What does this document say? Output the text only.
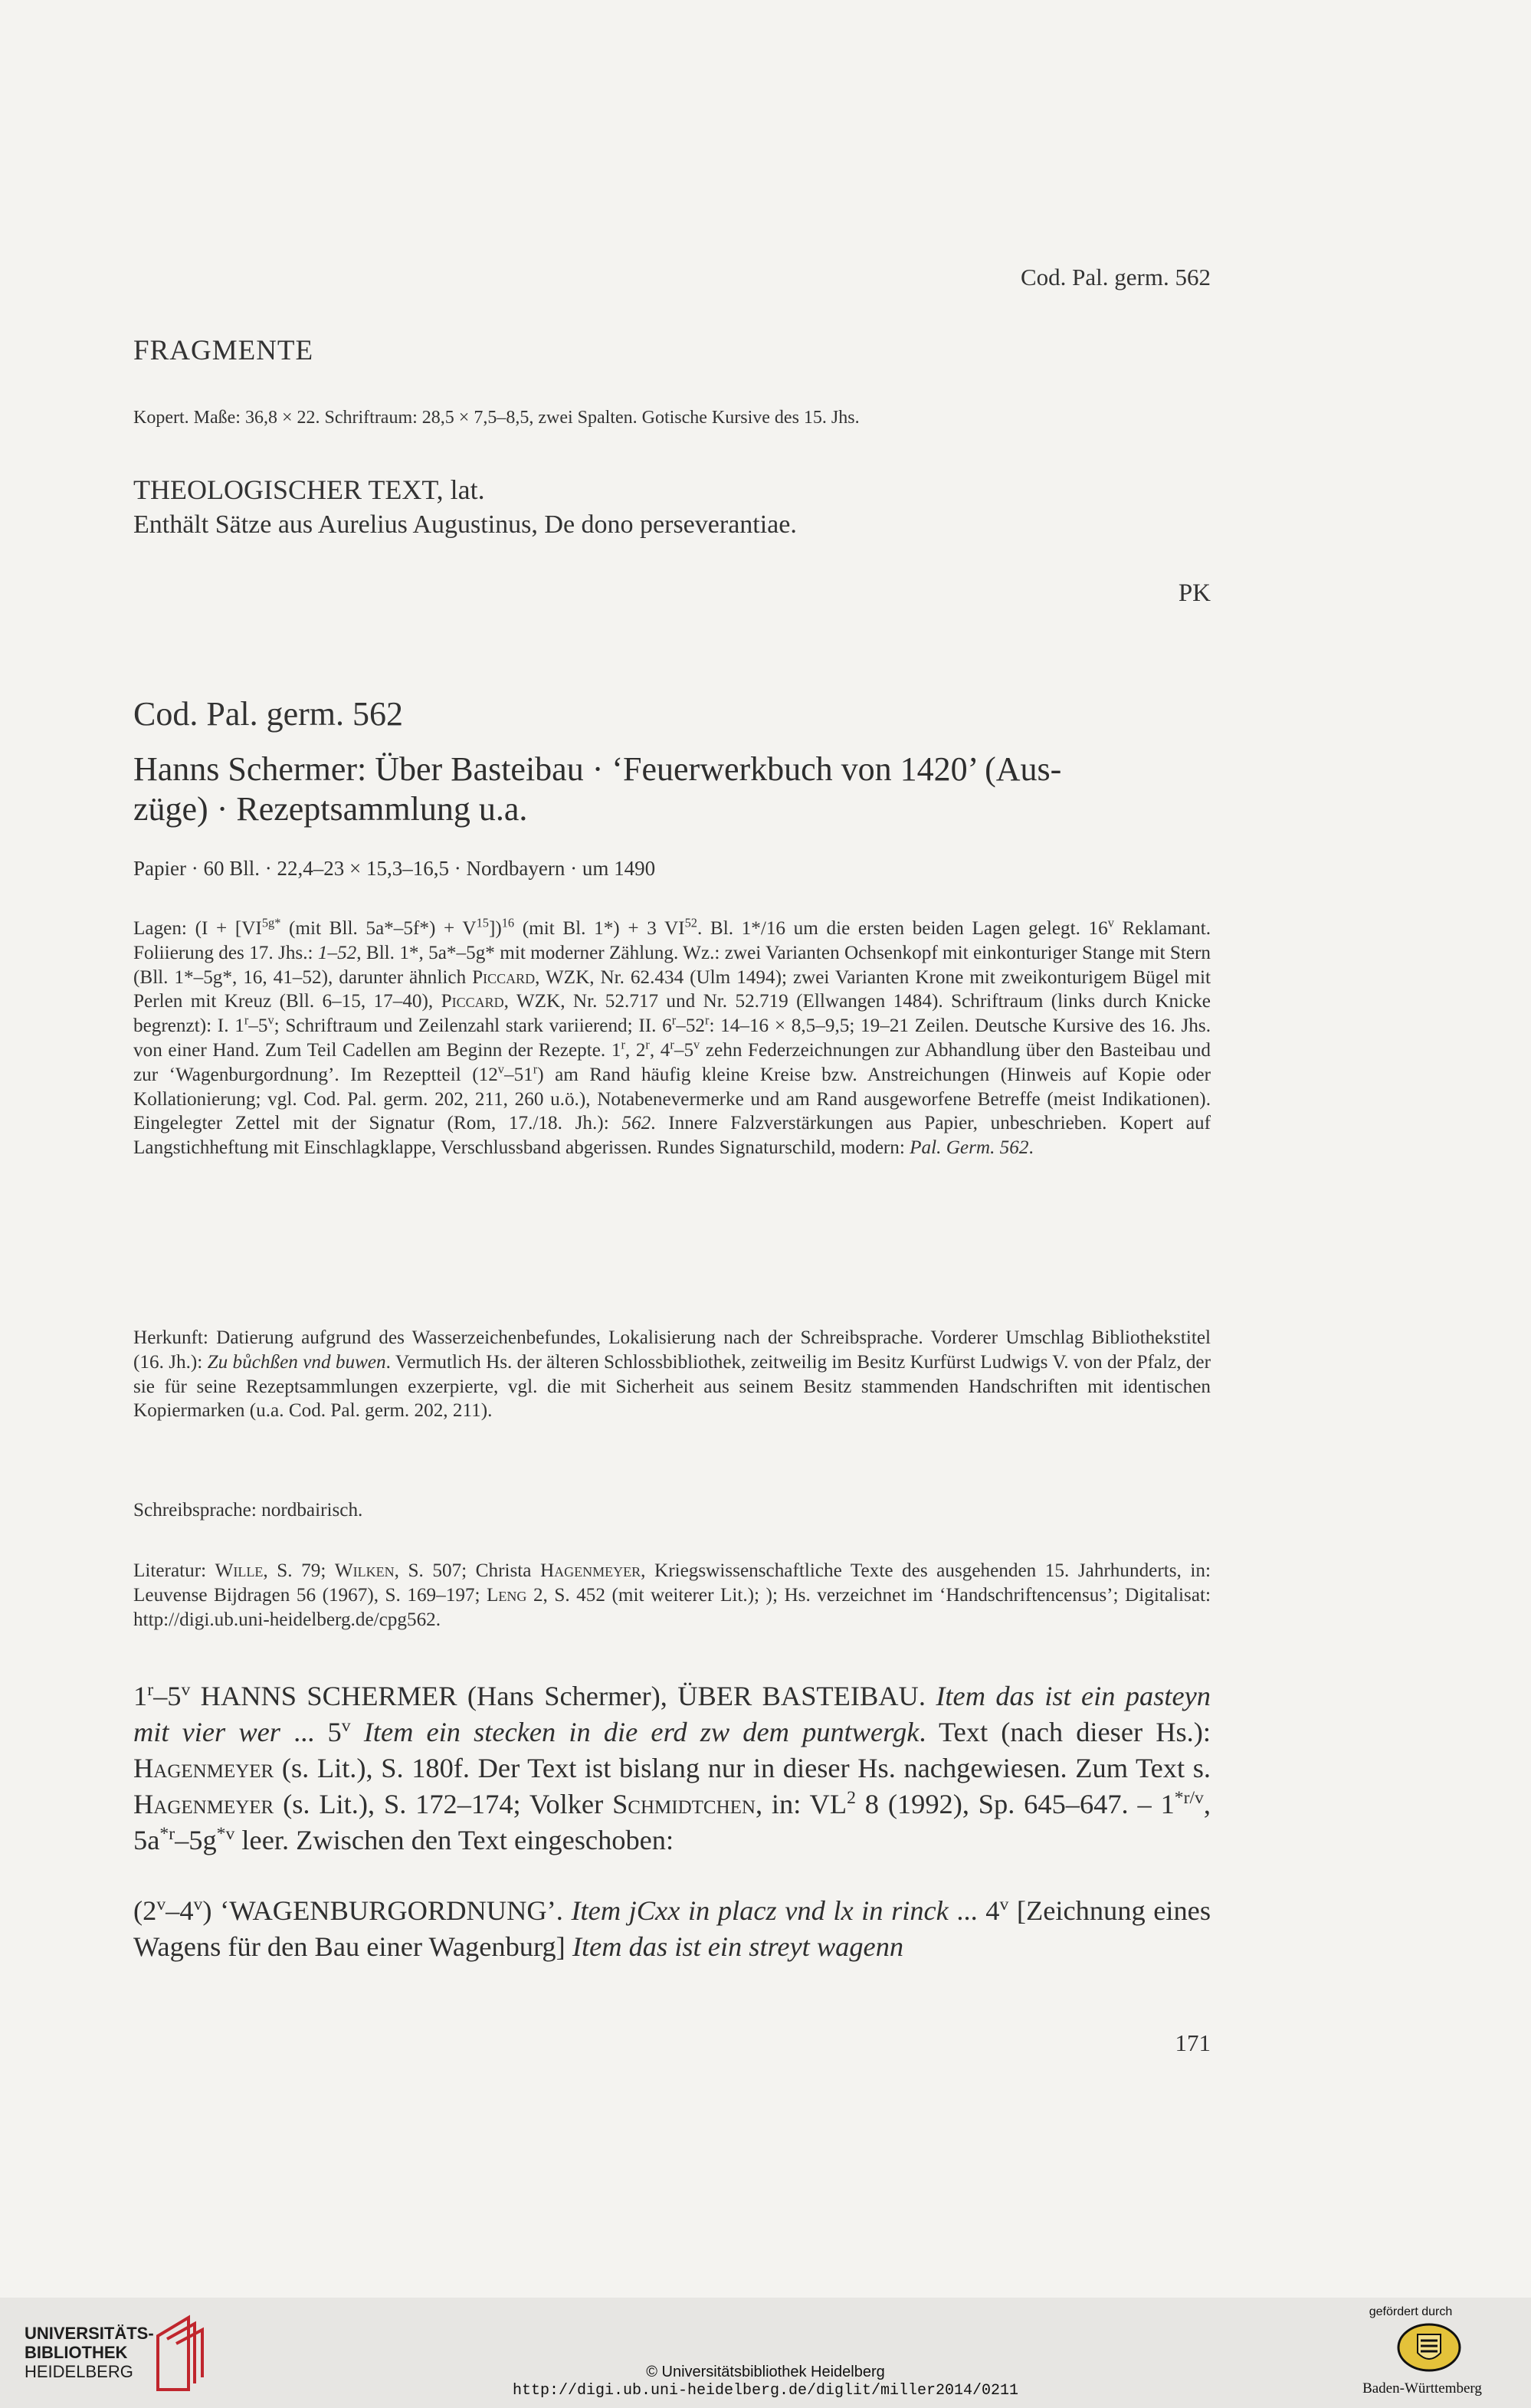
Cod. Pal. germ. 562
FRAGMENTE
Kopert. Maße: 36,8 × 22. Schriftraum: 28,5 × 7,5–8,5, zwei Spalten. Gotische Kursive des 15. Jhs.
THEOLOGISCHER TEXT, lat.
Enthält Sätze aus Aurelius Augustinus, De dono perseverantiae.
PK
Cod. Pal. germ. 562
Hanns Schermer: Über Basteibau · ‘Feuerwerkbuch von 1420’ (Aus-
züge) · Rezeptsammlung u.a.
Papier · 60 Bll. · 22,4–23 × 15,3–16,5 · Nordbayern · um 1490
Lagen: ($I + [VI^{5g*}$ (mit Bll. $5a*-5f*) + V^{15}])^{16}$ (mit Bl. 1*) + 3 VI$^{52}$. Bl. 1*/16 um die ersten beiden Lagen gelegt. 16$^v$ Reklamant. Foliierung des 17. Jhs.: 1–52, Bll. 1*, 5a*–5g* mit moderner Zählung. Wz.: zwei Varianten Ochsenkopf mit einkonturiger Stange mit Stern (Bll. 1*–5g*, 16, 41–52), darunter ähnlich Piccard, WZK, Nr. 62.434 (Ulm 1494); zwei Varianten Krone mit zweikonturigem Bügel mit Perlen mit Kreuz (Bll. 6–15, 17–40), Piccard, WZK, Nr. 52.717 und Nr. 52.719 (Ellwangen 1484). Schriftraum (links durch Knicke begrenzt): I. 1$^r$–5$^v$; Schriftraum und Zeilenzahl stark variierend; II. 6$^r$–52$^r$: 14–16 × 8,5–9,5; 19–21 Zeilen. Deutsche Kursive des 16. Jhs. von einer Hand. Zum Teil Cadellen am Beginn der Rezepte. 1$^r$, 2$^r$, 4$^r$–5$^v$ zehn Federzeichnungen zur Abhandlung über den Basteibau und zur ‘Wagenburgordnung’. Im Rezeptteil (12$^v$–51$^r$) am Rand häufig kleine Kreise bzw. Anstreichungen (Hinweis auf Kopie oder Kollationierung; vgl. Cod. Pal. germ. 202, 211, 260 u.ö.), Notabenevermerke und am Rand ausgeworfene Betreffe (meist Indikationen). Eingelegter Zettel mit der Signatur (Rom, 17./18. Jh.): 562. Innere Falzverstärkungen aus Papier, unbeschrieben. Kopert auf Langstichheftung mit Einschlagklappe, Verschlussband abgerissen. Rundes Signaturschild, modern: Pal. Germ. 562.
Herkunft: Datierung aufgrund des Wasserzeichenbefundes, Lokalisierung nach der Schreibsprache. Vorderer Umschlag Bibliothekstitel (16. Jh.): Zu bůchßen vnd buwen. Vermutlich Hs. der älteren Schlossbibliothek, zeitweilig im Besitz Kurfürst Ludwigs V. von der Pfalz, der sie für seine Rezeptsammlungen exzerpierte, vgl. die mit Sicherheit aus seinem Besitz stammenden Handschriften mit identischen Kopiermarken (u.a. Cod. Pal. germ. 202, 211).
Schreibsprache: nordbairisch.
Literatur: Wille, S. 79; Wilken, S. 507; Christa Hagenmeyer, Kriegswissenschaftliche Texte des ausgehenden 15. Jahrhunderts, in: Leuvense Bijdragen 56 (1967), S. 169–197; Leng 2, S. 452 (mit weiterer Lit.); ); Hs. verzeichnet im ‘Handschriftencensus’; Digitalisat: http://digi.ub.uni-heidelberg.de/cpg562.
1$^r$–5$^v$ HANNS SCHERMER (Hans Schermer), ÜBER BASTEIBAU. Item das ist ein pasteyn mit vier wer ... 5$^v$ Item ein stecken in die erd zw dem puntwergk. Text (nach dieser Hs.): Hagenmeyer (s. Lit.), S. 180f. Der Text ist bislang nur in dieser Hs. nachgewiesen. Zum Text s. Hagenmeyer (s. Lit.), S. 172–174; Volker Schmidtchen, in: $VL^2$ 8 (1992), Sp. 645–647. – $1^{*r/v}$, $5a^{*r}-5g^{*v}$ leer. Zwischen den Text eingeschoben:
(2$^v$–4$^v$) ‘WAGENBURGORDNUNG’. Item jCxx in placz vnd lx in rinck ... 4$^v$ [Zeichnung eines Wagens für den Bau einer Wagenburg] Item das ist ein streyt wagenn
171
UNIVERSITÄTS-
BIBLIOTHEK
HEIDELBERG	© Universitätsbibliothek Heidelberg
http://digi.ub.uni-heidelberg.de/diglit/miller2014/0211
gefördert durch
Baden-Württemberg
